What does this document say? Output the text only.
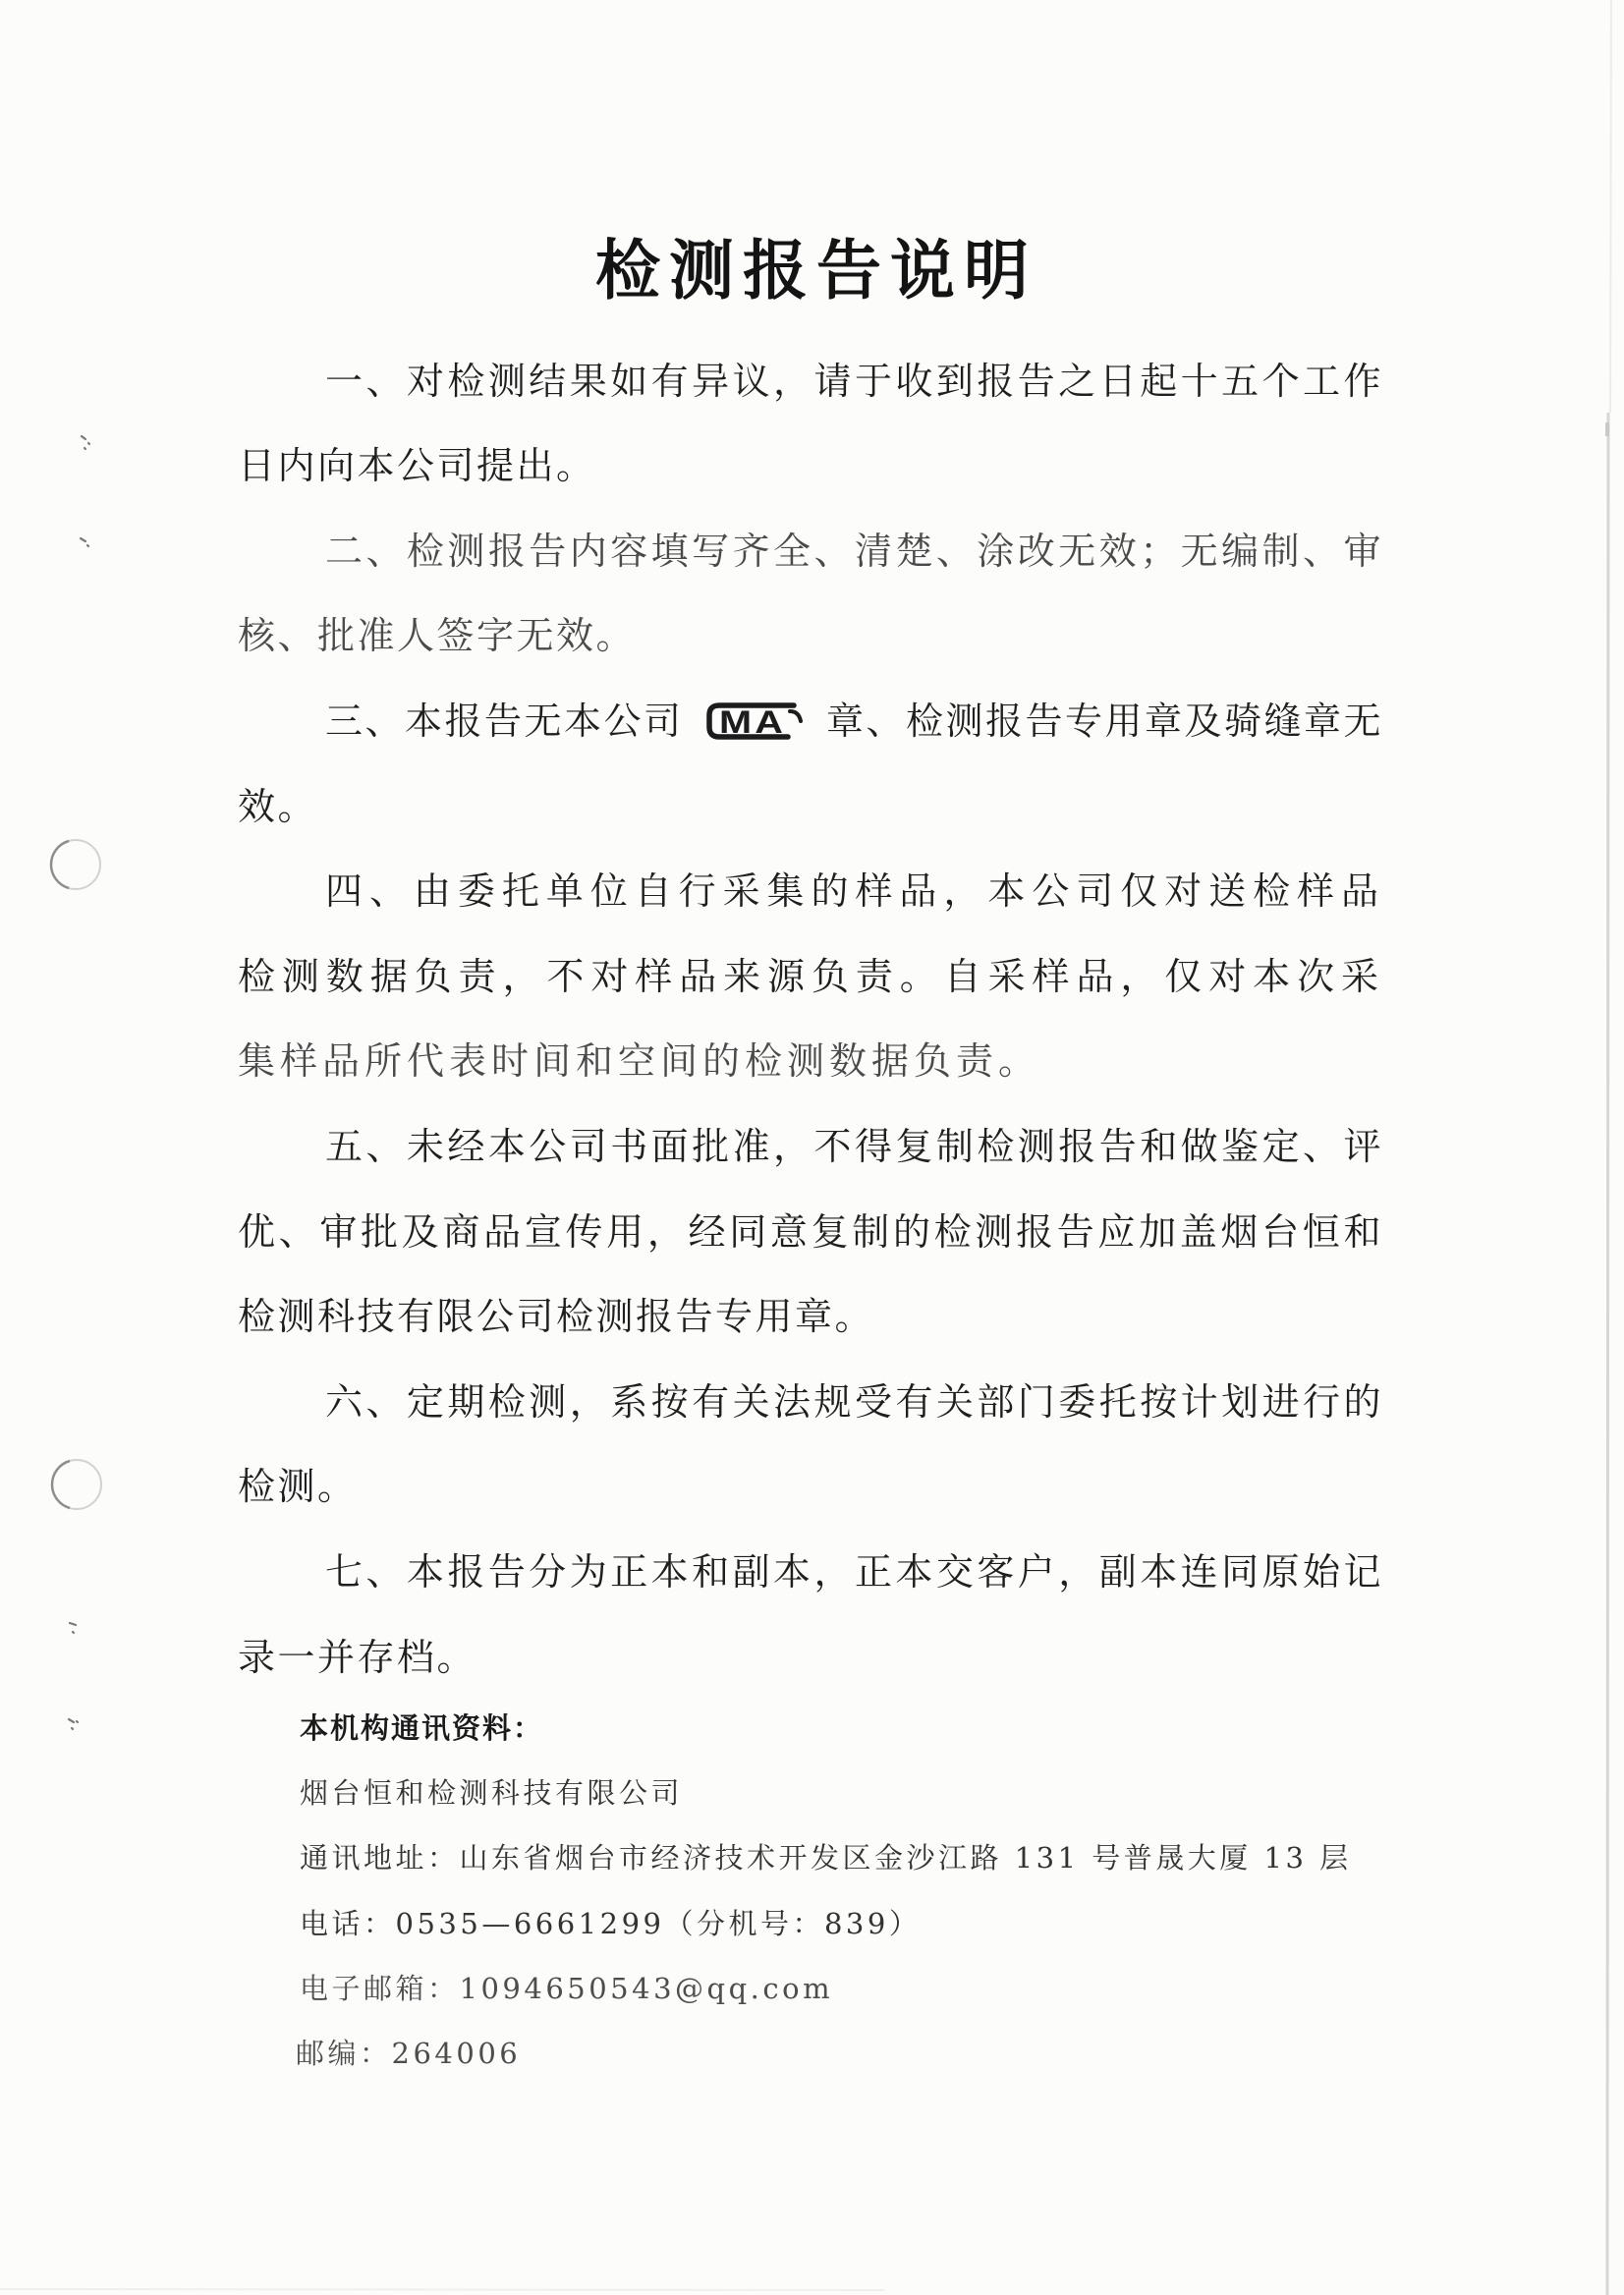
检测报告说明
一、对检测结果如有异议，请于收到报告之日起十五个工作
日内向本公司提出。
二、检测报告内容填写齐全、清楚、涂改无效；无编制、审
核、批准人签字无效。
三、本报告无本公司 MA 章、检测报告专用章及骑缝章无
效。
四、由委托单位自行采集的样品，本公司仅对送检样品
检测数据负责，不对样品来源负责。自采样品，仅对本次采
集样品所代表时间和空间的检测数据负责。
五、未经本公司书面批准，不得复制检测报告和做鉴定、评
优、审批及商品宣传用，经同意复制的检测报告应加盖烟台恒和
检测科技有限公司检测报告专用章。
六、定期检测，系按有关法规受有关部门委托按计划进行的
检测。
七、本报告分为正本和副本，正本交客户，副本连同原始记
录一并存档。
本机构通讯资料：
烟台恒和检测科技有限公司
通讯地址：山东省烟台市经济技术开发区金沙江路 131 号普晟大厦 13 层
电话：0535—6661299（分机号：839）
电子邮箱：1094650543@qq.com
邮编：264006
